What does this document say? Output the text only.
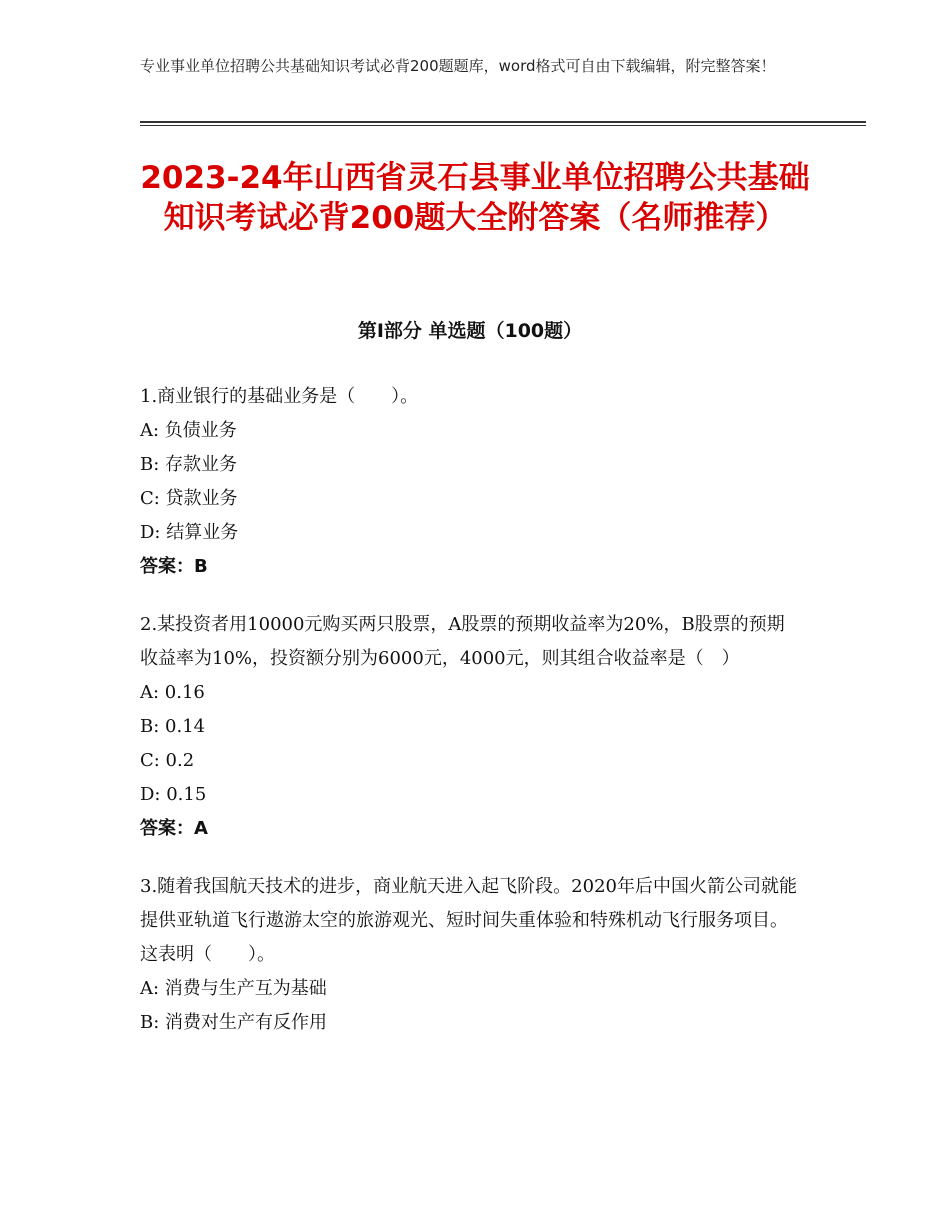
专业事业单位招聘公共基础知识考试必背200题题库，word格式可自由下载编辑，附完整答案！
2023-24年山西省灵石县事业单位招聘公共基础知识考试必背200题大全附答案（名师推荐）
第Ⅰ部分 单选题（100题）
1.商业银行的基础业务是（　　）。
A: 负债业务
B: 存款业务
C: 贷款业务
D: 结算业务
答案：B
2.某投资者用10000元购买两只股票，A股票的预期收益率为20%，B股票的预期收益率为10%，投资额分别为6000元，4000元，则其组合收益率是（　）
A: 0.16
B: 0.14
C: 0.2
D: 0.15
答案：A
3.随着我国航天技术的进步，商业航天进入起飞阶段。2020年后中国火箭公司就能提供亚轨道飞行遨游太空的旅游观光、短时间失重体验和特殊机动飞行服务项目。这表明（　　）。
A: 消费与生产互为基础
B: 消费对生产有反作用
